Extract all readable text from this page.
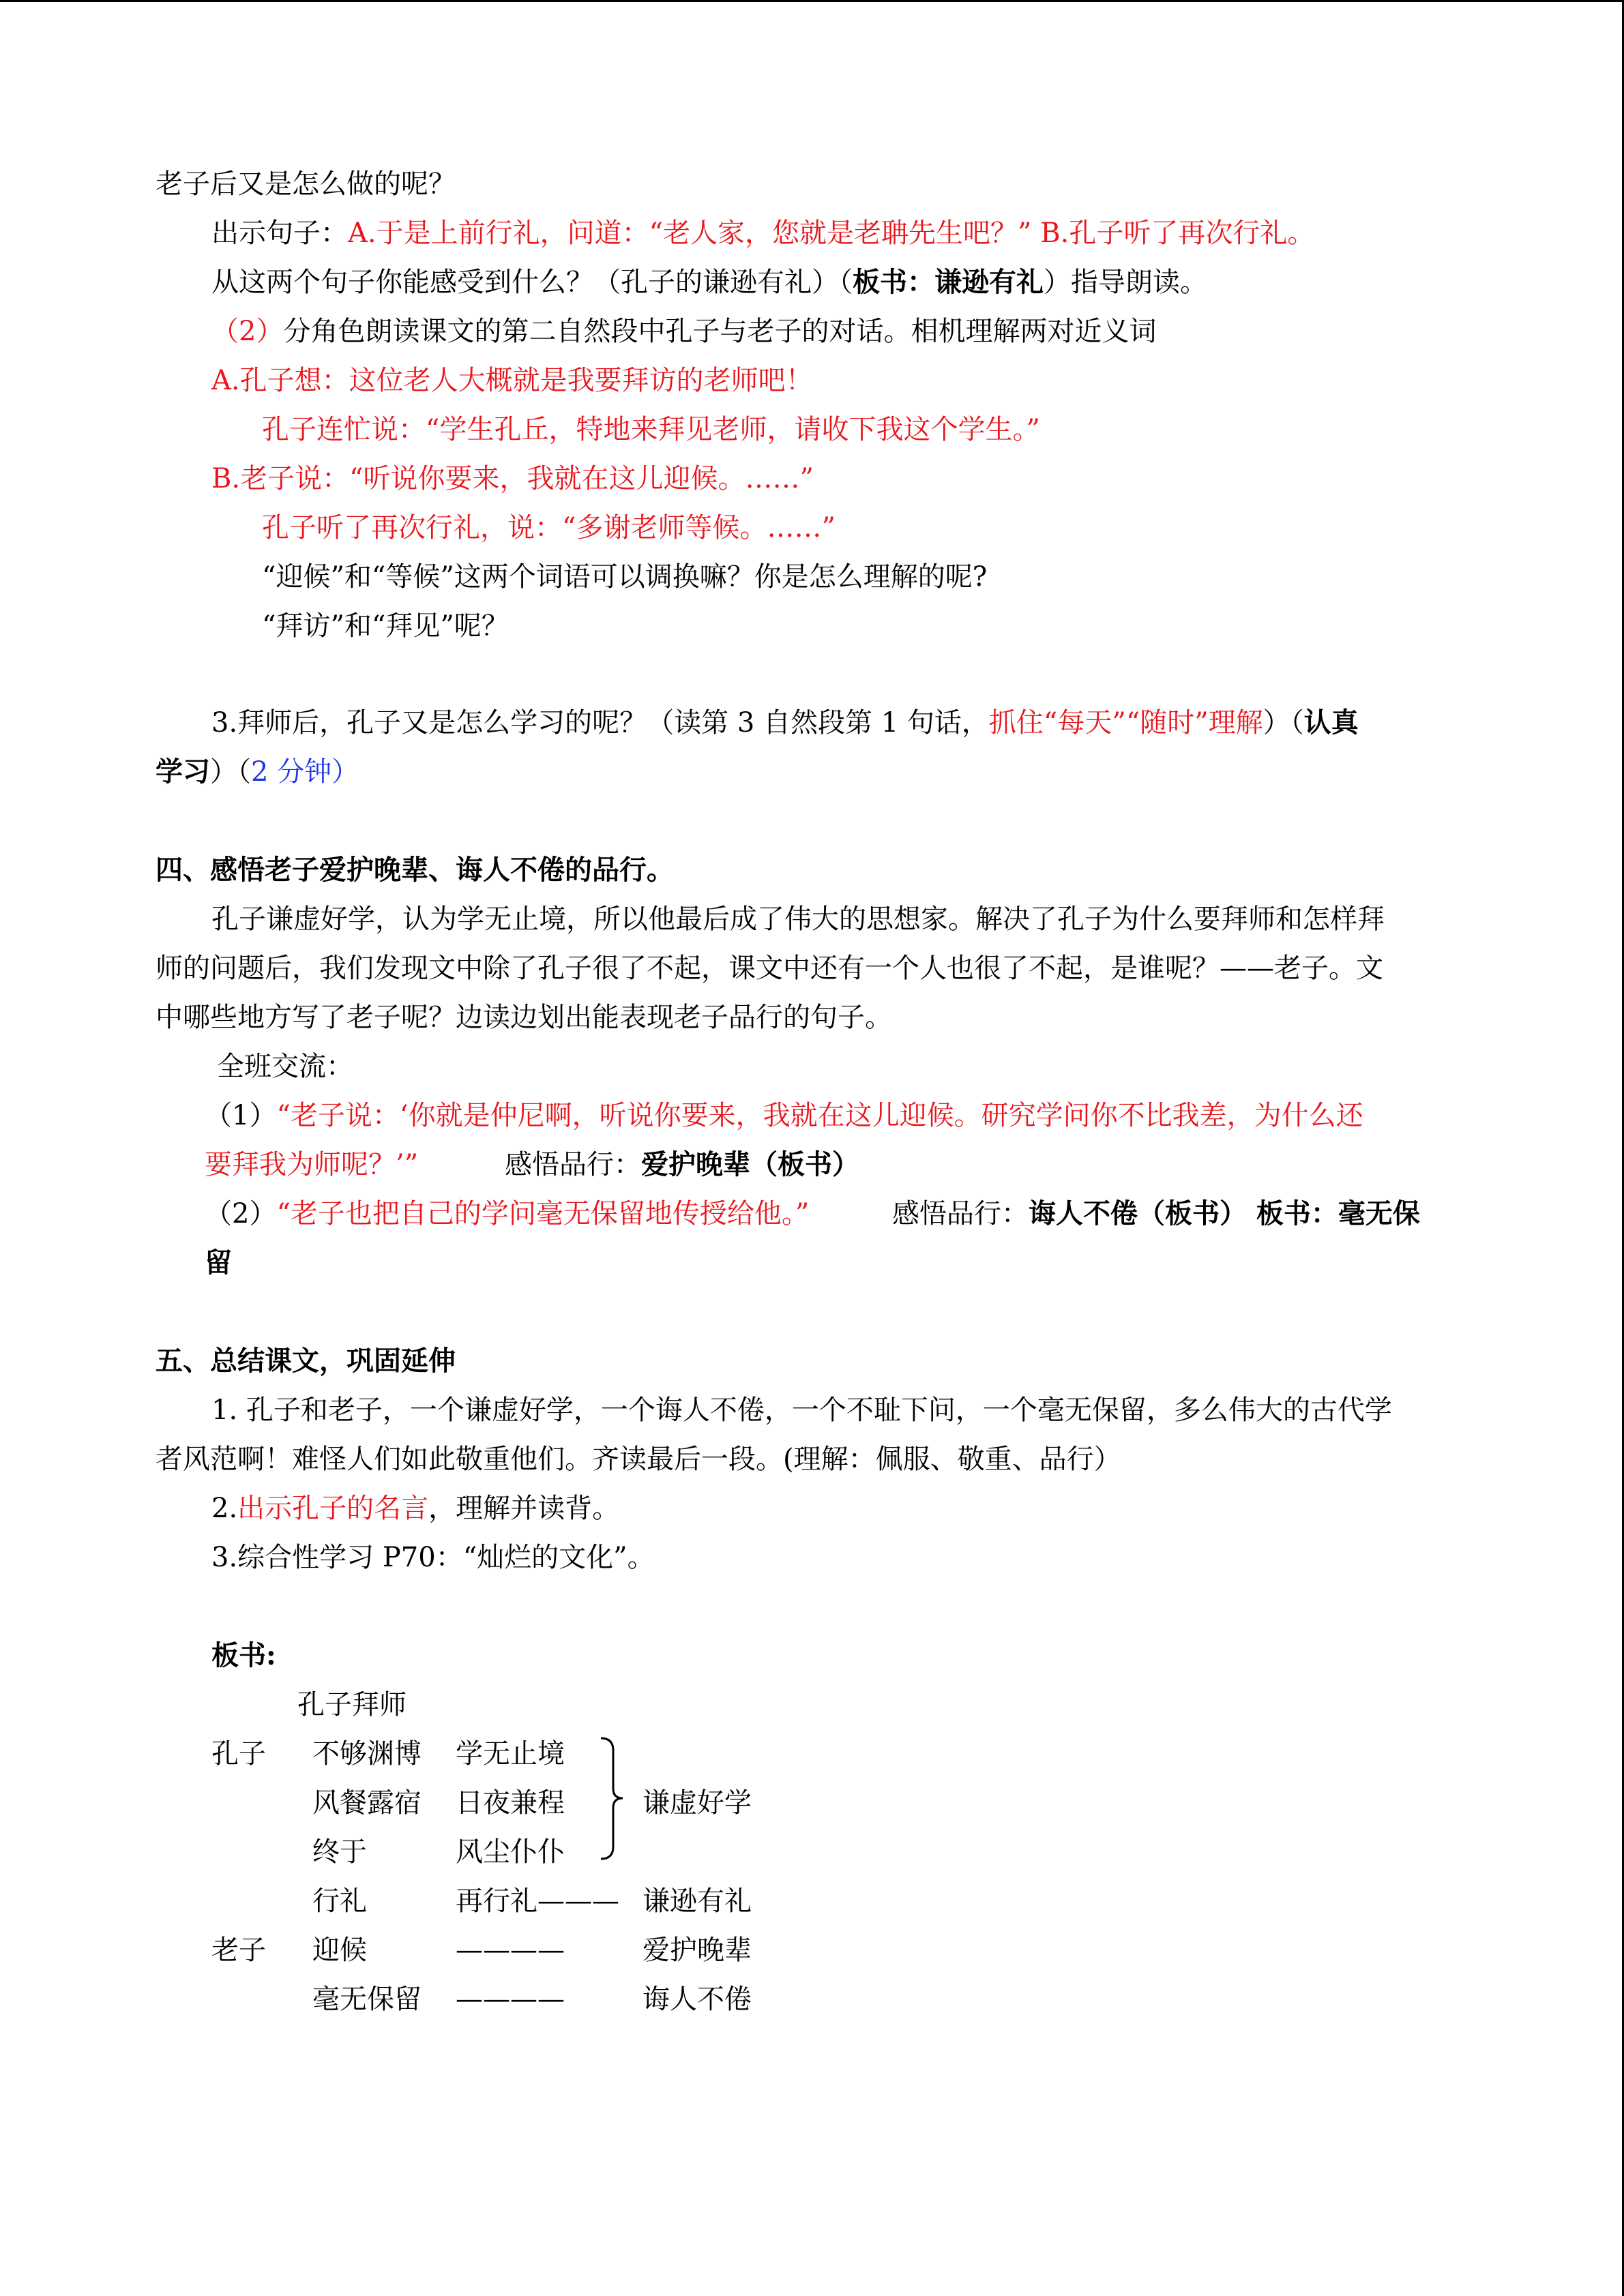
老子后又是怎么做的呢？
出示句子：A.于是上前行礼，问道：“老人家，您就是老聃先生吧？” B.孔子听了再次行礼。
从这两个句子你能感受到什么？（孔子的谦逊有礼）（板书：谦逊有礼）指导朗读。
（2）分角色朗读课文的第二自然段中孔子与老子的对话。相机理解两对近义词
A.孔子想：这位老人大概就是我要拜访的老师吧！
孔子连忙说：“学生孔丘，特地来拜见老师，请收下我这个学生。”
B.老子说：“听说你要来，我就在这儿迎候。……”
孔子听了再次行礼，说：“多谢老师等候。……”
“迎候”和“等候”这两个词语可以调换嘛？你是怎么理解的呢?
“拜访”和“拜见”呢？
3.拜师后，孔子又是怎么学习的呢？（读第 3 自然段第 1 句话，抓住“每天”“随时”理解）（认真
学习）（2 分钟）
四、感悟老子爱护晚辈、诲人不倦的品行。
孔子谦虚好学，认为学无止境，所以他最后成了伟大的思想家。解决了孔子为什么要拜师和怎样拜
师的问题后，我们发现文中除了孔子很了不起，课文中还有一个人也很了不起，是谁呢？——老子。文
中哪些地方写了老子呢？边读边划出能表现老子品行的句子。
全班交流：
（1）“老子说：‘你就是仲尼啊，听说你要来，我就在这儿迎候。研究学问你不比我差，为什么还
要拜我为师呢？’”	感悟品行：爱护晚辈（板书）
（2）“老子也把自己的学问毫无保留地传授给他。”	感悟品行：诲人不倦（板书） 板书：毫无保
留
五、总结课文，巩固延伸
1. 孔子和老子，一个谦虚好学，一个诲人不倦，一个不耻下问，一个毫无保留，多么伟大的古代学
者风范啊！难怪人们如此敬重他们。齐读最后一段。(理解：佩服、敬重、品行）
2.出示孔子的名言，理解并读背。
3.综合性学习 P70：“灿烂的文化”。
板书:
孔子拜师
孔子 不够渊博 学无止境
风餐露宿 日夜兼程	谦虚好学
终于	风尘仆仆
行礼	再行礼——— 谦逊有礼
老子 迎候	————	爱护晚辈
毫无保留 ————	诲人不倦
